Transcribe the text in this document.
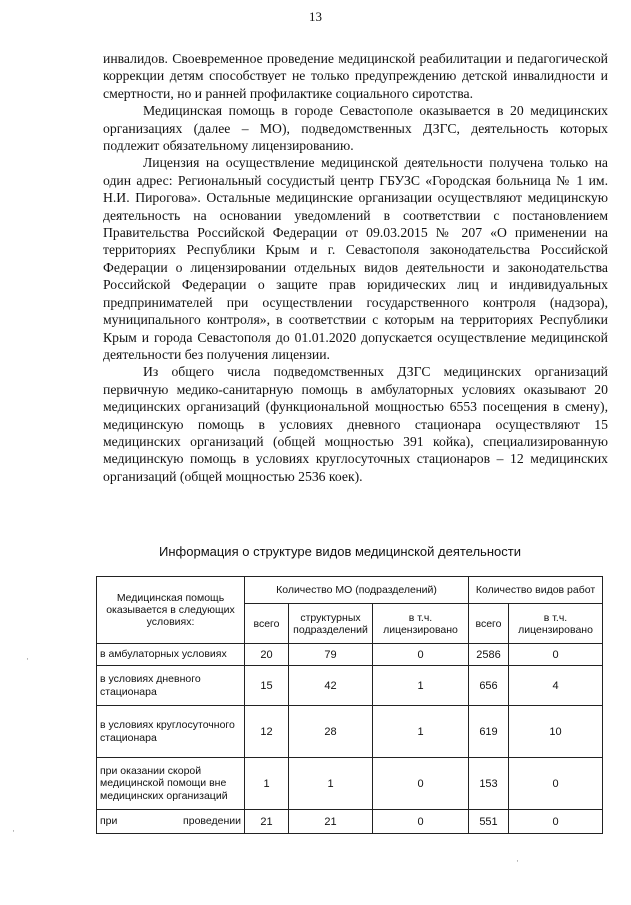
13

инвалидов. Своевременное проведение медицинской реабилитации и педагогической коррекции детям способствует не только предупреждению детской инвалидности и смертности, но и ранней профилактике социального сиротства.

Медицинская помощь в городе Севастополе оказывается в 20 медицинских организациях (далее – МО), подведомственных ДЗГС, деятельность которых подлежит обязательному лицензированию.

Лицензия на осуществление медицинской деятельности получена только на один адрес: Региональный сосудистый центр ГБУЗС «Городская больница № 1 им. Н.И. Пирогова». Остальные медицинские организации осуществляют медицинскую деятельность на основании уведомлений в соответствии с постановлением Правительства Российской Федерации от 09.03.2015 № 207 «О применении на территориях Республики Крым и г. Севастополя законодательства Российской Федерации о лицензировании отдельных видов деятельности и законодательства Российской Федерации о защите прав юридических лиц и индивидуальных предпринимателей при осуществлении государственного контроля (надзора), муниципального контроля», в соответствии с которым на территориях Республики Крым и города Севастополя до 01.01.2020 допускается осуществление медицинской деятельности без получения лицензии.

Из общего числа подведомственных ДЗГС медицинских организаций первичную медико-санитарную помощь в амбулаторных условиях оказывают 20 медицинских организаций (функциональной мощностью 6553 посещения в смену), медицинскую помощь в условиях дневного стационара осуществляют 15 медицинских организаций (общей мощностью 391 койка), специализированную медицинскую помощь в условиях круглосуточных стационаров – 12 медицинских организаций (общей мощностью 2536 коек).

Информация о структуре видов медицинской деятельности
Медицинская помощь оказывается в следующих условиях:	Количество МО (подразделений)			Количество видов работ	
	всего	структурных подразделений	в т.ч. лицензировано	всего	в т.ч. лицензировано
в амбулаторных условиях	20	79	0	2586	0
в условиях дневного стационара	15	42	1	656	4
в условиях круглосуточного стационара	12	28	1	619	10
при оказании скорой медицинской помощи вне медицинских организаций	1	1	0	153	0
при проведении	21	21	0	551	0
·
·
·
